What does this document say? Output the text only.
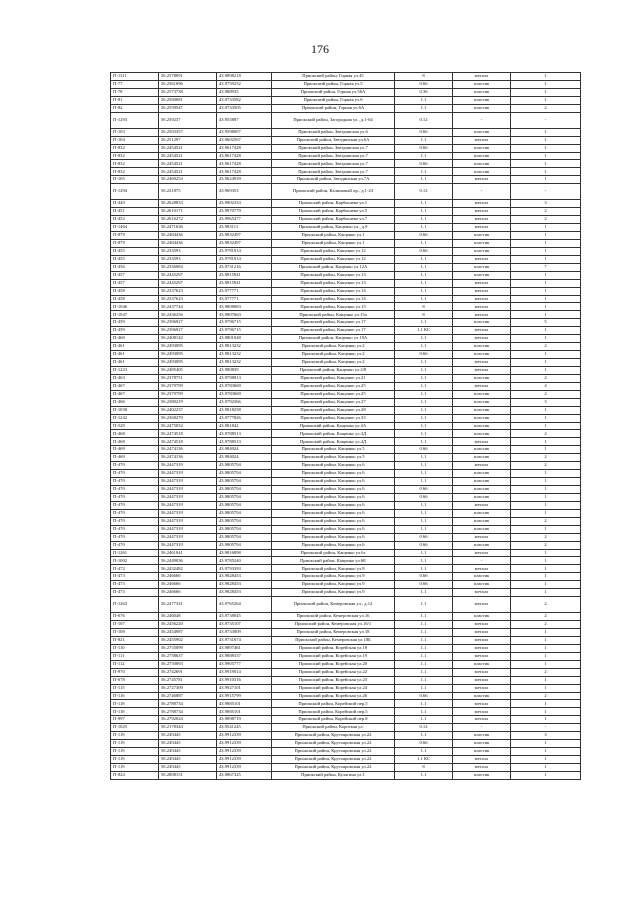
176
П-1311	56.2578091	43.9898218	Приокский район, Горная ул.45	8	металл	1
П-77	56.2561696	43.9759252	Приокский район, Горная ул.5	0.66	пластик	1
П-78	56.2573738	43.988935	Приокский район, Горная ул.56А	0.36	пластик	1
П-81	56.2560081	43.9733582	Приокский район, Горная ул.6	1.1	пластик	1
П-82	56.2559547	43.9733505	Приокский район, Горная ул.6А	1.1	пластик	2
П-1293	56.259237	43.955887	Приокский район, Загородная ул., д.1-64	0.12	-	-
П-103	56.2503357	43.9598007	Приокский район, Звездинская ул.6	0.66	пластик	1
П-104	56.251297	43.9602567	Приокский район, Звездинская ул.6А	1.1	металл	1
П-832	56.2454521	43.9617428	Приокский район, Звездинская ул.7	0.66	пластик	1
П-832	56.2454521	43.9617428	Приокский район, Звездинская ул.7	1.1	пластик	1
П-832	56.2454521	43.9617428	Приокский район, Звездинская ул.7	0.66	пластик	1
П-832	56.2454521	43.9617428	Приокский район, Звездинская ул.7	1.1	пластик	1
П-105	56.2469254	43.9624939	Приокский район, Звездинская ул.7А	1.1	металл	1
П-1294	56.221875	43.969353	Приокский район, Калиновый пр., д.1-23	0.12	-	-
П-449	56.2628833	43.9902333	Приокский район, Карбышева ул.1	1.1	металл	3
П-451	56.2610171	43.9970779	Приокский район, Карбышева ул.5	1.1	металл	2
П-452	56.2616272	43.9965477	Приокский район, Карбышева ул.7	1.1	металл	2
П-1464	56.2471636	43.983111	Приокский район, Кащенко ул., д.9	1.1	металл	1
П-879	56.2484436	43.9832497	Приокский район, Кащенко ул.1	0.66	пластик	1
П-879	56.2484436	43.9832497	Приокский район, Кащенко ул.1	1.1	пластик	1
П-455	56.233593	43.9781914	Приокский район, Кащенко ул.12	0.66	пластик	1
П-455	56.233593	43.9781914	Приокский район, Кащенко ул.12	1.1	металл	1
П-456	56.2356084	43.9731216	Приокский район, Кащенко ул.12А	1.1	пластик	7
П-457	56.2445297	43.9815941	Приокский район, Кащенко ул.13	1.1	пластик	1
П-457	56.2445297	43.9815941	Приокский район, Кащенко ул.13	1.1	металл	1
П-458	56.2337623	43.977771	Приокский район, Кащенко ул.14	1.1	металл	1
П-458	56.2337623	43.977771	Приокский район, Кащенко ул.14	1.1	металл	1
П-1046	56.2437744	43.9808083	Приокский район, Кащенко ул.15	8	металл	1
П-1047	56.2436256	43.9807663	Приокский район, Кащенко ул.15а	8	металл	1
П-459	56.2396927	43.9796715	Приокский район, Кащенко ул.17	1.1	пластик	5
П-459	56.2396927	43.9796715	Приокский район, Кащенко ул.17	1.1 КС	металл	1
П-460	56.2408142	43.9801048	Приокский район, Кащенко ул.19А	1.1	металл	1
П-461	56.2493095	43.9813232	Приокский район, Кащенко ул.2	1.1	пластик	2
П-461	56.2493095	43.9813232	Приокский район, Кащенко ул.2	0.66	пластик	1
П-461	56.2493095	43.9813232	Приокский район, Кащенко ул.2	1.1	металл	1
П-1223	56.2485405	43.980839	Приокский район, Кащенко ул.2/8	1.1	металл	1
П-463	56.2378751	43.9798813	Приокский район, Кащенко ул.21	1.1	пластик	2
П-467	56.2379799	43.9783669	Приокский район, Кащенко ул.25	1.1	металл	4
П-467	56.2379799	43.9783669	Приокский район, Кащенко ул.25	1.1	пластик	2
П-466	56.2380219	43.9792366	Приокский район, Кащенко ул.27	1.1	пластик	3
П-1030	56.2402237	43.9818258	Приокский район, Кащенко ул.28	1.1	пластик	1
П-1242	56.2368279	43.9777826	Приокский район, Кащенко ул.33	1.1	пластик	1
П-529	56.2475052	43.981842	Приокский район, Кащенко ул.4А	1.1	пластик	1
П-468	56.2474518	43.9788513	Приокский район, Кащенко ул.4Д	1.1	пластик	2
П-468	56.2474518	43.9788513	Приокский район, Кащенко ул.4Д	1.1	металл	1
П-469	56.2474136	43.984024	Приокский район, Кащенко ул.5	0.66	пластик	1
П-469	56.2474136	43.984024	Приокский район, Кащенко ул.5	1.1	пластик	2
П-470	56.2447319	43.9805794	Приокский район, Кащенко ул.6	1.1	металл	2
П-470	56.2447319	43.9805794	Приокский район, Кащенко ул.6	1.1	пластик	1
П-470	56.2447319	43.9805794	Приокский район, Кащенко ул.6	1.1	пластик	1
П-470	56.2447319	43.9805794	Приокский район, Кащенко ул.6	0.66	пластик	1
П-470	56.2447319	43.9805794	Приокский район, Кащенко ул.6	0.66	пластик	1
П-470	56.2447319	43.9805794	Приокский район, Кащенко ул.6	1.1	металл	1
П-470	56.2447319	43.9805794	Приокский район, Кащенко ул.6	1.1	пластик	1
П-470	56.2447319	43.9805794	Приокский район, Кащенко ул.6	1.1	пластик	2
П-470	56.2447319	43.9805794	Приокский район, Кащенко ул.6	1.1	пластик	1
П-470	56.2447319	43.9805794	Приокский район, Кащенко ул.6	0.66	металл	2
П-470	56.2447319	43.9805794	Приокский район, Кащенко ул.6	0.66	пластик	2
П-1261	56.2461041	43.9816898	Приокский район, Кащенко ул.6г	1.1	металл	1
П-1002	56.2449036	43.9785240	Приокский район, Кащенко ул.6Е	1.1	-	1
П-472	56.2432482	43.9793393	Приокский район, Кащенко ул.8	1.1	металл	1
П-473	56.246666	43.9828453	Приокский район, Кащенко ул.9	0.66	пластик	1
П-473	56.246666	43.9828453	Приокский район, Кащенко ул.9	0.66	пластик	1
П-473	56.246666	43.9828453	Приокский район, Кащенко ул.9	1.1	металл	1
П-1263	56.2477331	43.9765264	Приокский район, Кемеровская ул., д.12	1.1	металл	2
П-676	56.246048	43.9738045	Приокский район, Кемеровская ул.16	1.1	пластик	2
П-107	56.2456220	43.9735107	Приокский район, Кемеровская ул.16/1	1.1	металл	2
П-108	56.2454987	43.9733009	Приокский район, Кемеровская ул.18	1.1	металл	1
П-821	56.2455902	43.9731674	Приокский район, Кемеровская ул.18Б	1.1	металл	1
П-110	56.2755099	43.9897461	Приокский район, Корейская ул.18	1.1	металл	1
П-111	56.2758637	43.9888337	Приокский район, Корейская ул.19	1.1	металл	1
П-112	56.2750893	43.9905777	Приокский район, Корейская ул.20	1.1	пластик	1
П-970	56.2742691	43.9919014	Приокский район, Корейская ул.22	1.1	металл	2
П-678	56.2745781	43.9910316	Приокский район, Корейская ул.23	1.1	металл	1
П-115	56.2727309	43.9927101	Приокский район, Корейская ул.24	1.1	металл	1
П-116	56.2746887	43.9915799	Приокский район, Корейская ул.26	0.66	пластик	2
П-118	56.2788734	43.9885101	Приокский район, Корейский пер.5	1.1	металл	1
П-118	56.2788734	43.9885101	Приокский район, Корейский пер.5	1.1	металл	1
П-997	56.2792024	43.9898719	Приокский район, Корейский пер.8	1.1	металл	1
П-1025	56.2178344	43.9541245	Приокский район, Короткая ул.	0.12	-	-
П-119	56.249445	43.9912339	Приокский район, Крутояровская ул.22	1.1	пластик	3
П-119	56.249445	43.9912339	Приокский район, Крутояровская ул.22	0.66	пластик	1
П-119	56.249445	43.9912339	Приокский район, Крутояровская ул.22	1.1	пластик	1
П-119	56.249445	43.9912339	Приокский район, Крутояровская ул.22	1.1 КС	металл	1
П-119	56.249445	43.9912339	Приокский район, Крутояровская ул.22	8	металл	1
П-824	56.2808151	43.9867325	Приокский район, Кулагина ул.1	1.1	пластик	1
